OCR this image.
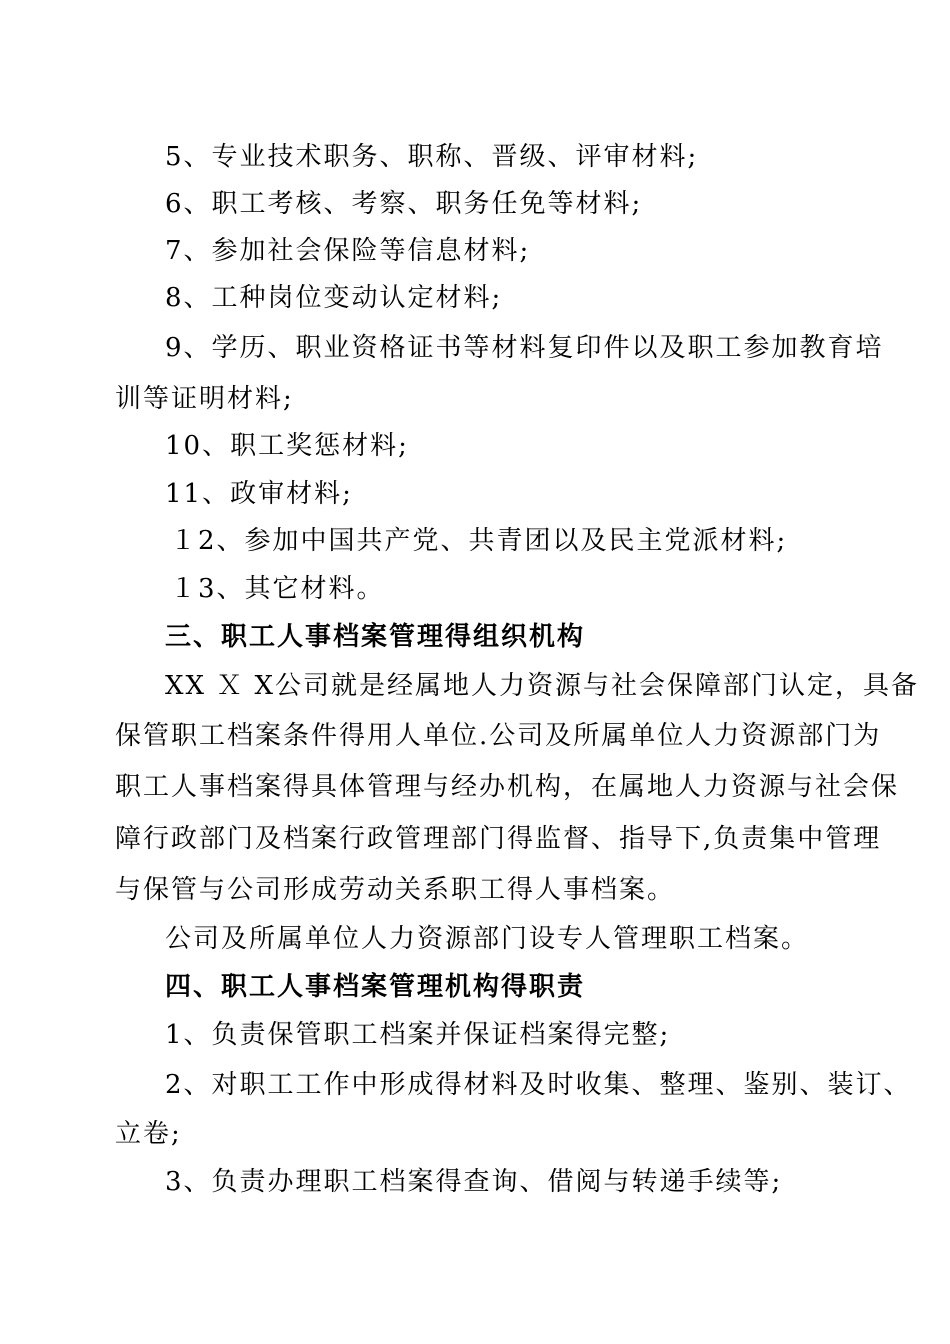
5、专业技术职务、职称、晋级、评审材料;
6、职工考核、考察、职务任免等材料;
7、参加社会保险等信息材料;
8、工种岗位变动认定材料;
9、学历、职业资格证书等材料复印件以及职工参加教育培
训等证明材料;
10、职工奖惩材料;
11、政审材料;
１2、参加中国共产党、共青团以及民主党派材料;
１3、其它材料。
三、职工人事档案管理得组织机构
XX Ｘ X公司就是经属地人力资源与社会保障部门认定，具备
保管职工档案条件得用人单位.公司及所属单位人力资源部门为
职工人事档案得具体管理与经办机构，在属地人力资源与社会保
障行政部门及档案行政管理部门得监督、指导下,负责集中管理
与保管与公司形成劳动关系职工得人事档案。
公司及所属单位人力资源部门设专人管理职工档案。
四、职工人事档案管理机构得职责
1、负责保管职工档案并保证档案得完整;
2、对职工工作中形成得材料及时收集、整理、鉴别、装订、
立卷;
3、负责办理职工档案得查询、借阅与转递手续等;
